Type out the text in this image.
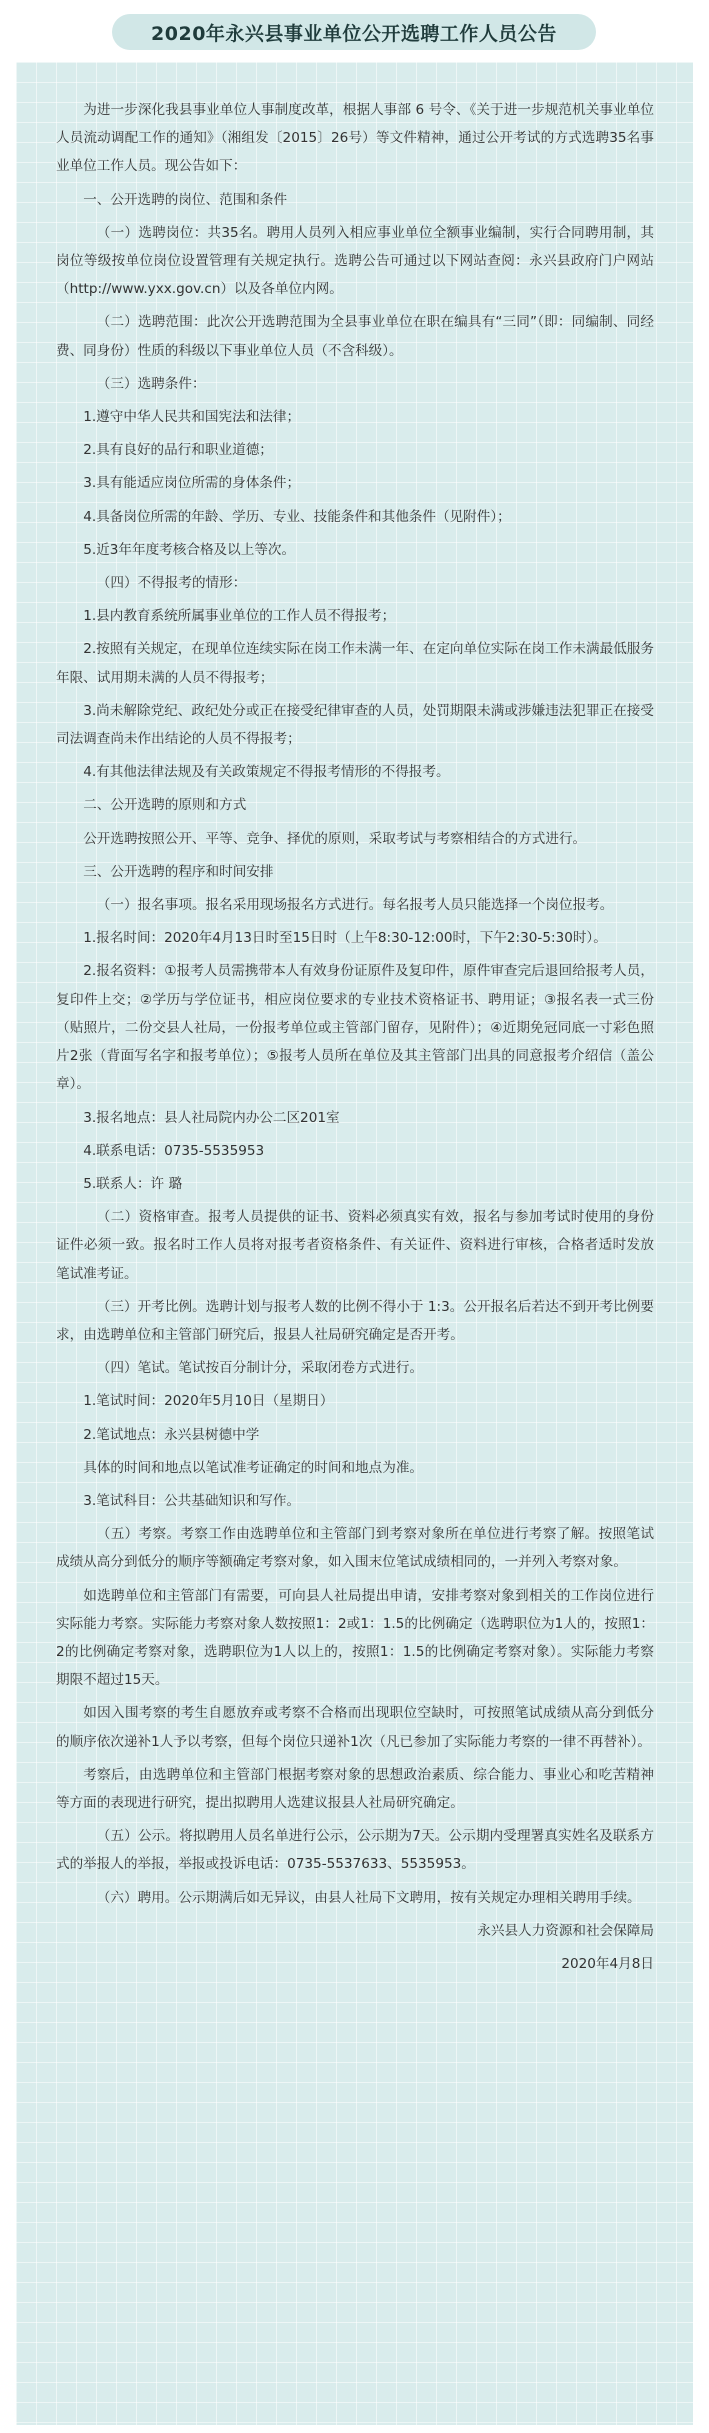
2020年永兴县事业单位公开选聘工作人员公告

为进一步深化我县事业单位人事制度改革，根据人事部 6 号令、《关于进一步规范机关事业单位人员流动调配工作的通知》（湘组发〔2015〕26号）等文件精神，通过公开考试的方式选聘35名事业单位工作人员。现公告如下：

一、公开选聘的岗位、范围和条件

（一）选聘岗位：共35名。聘用人员列入相应事业单位全额事业编制，实行合同聘用制，其岗位等级按单位岗位设置管理有关规定执行。选聘公告可通过以下网站查阅：永兴县政府门户网站（http://www.yxx.gov.cn）以及各单位内网。

（二）选聘范围：此次公开选聘范围为全县事业单位在职在编具有“三同”（即：同编制、同经费、同身份）性质的科级以下事业单位人员（不含科级）。

（三）选聘条件：

1.遵守中华人民共和国宪法和法律；

2.具有良好的品行和职业道德；

3.具有能适应岗位所需的身体条件；

4.具备岗位所需的年龄、学历、专业、技能条件和其他条件（见附件）；

5.近3年年度考核合格及以上等次。

（四）不得报考的情形：

1.县内教育系统所属事业单位的工作人员不得报考；

2.按照有关规定，在现单位连续实际在岗工作未满一年、在定向单位实际在岗工作未满最低服务年限、试用期未满的人员不得报考；

3.尚未解除党纪、政纪处分或正在接受纪律审查的人员，处罚期限未满或涉嫌违法犯罪正在接受司法调查尚未作出结论的人员不得报考；

4.有其他法律法规及有关政策规定不得报考情形的不得报考。

二、公开选聘的原则和方式

公开选聘按照公开、平等、竞争、择优的原则，采取考试与考察相结合的方式进行。

三、公开选聘的程序和时间安排

（一）报名事项。报名采用现场报名方式进行。每名报考人员只能选择一个岗位报考。

1.报名时间：2020年4月13日时至15日时（上午8:30-12:00时，下午2:30-5:30时）。

2.报名资料：①报考人员需携带本人有效身份证原件及复印件，原件审查完后退回给报考人员，复印件上交；②学历与学位证书，相应岗位要求的专业技术资格证书、聘用证；③报名表一式三份（贴照片，二份交县人社局，一份报考单位或主管部门留存，见附件）；④近期免冠同底一寸彩色照片2张（背面写名字和报考单位）；⑤报考人员所在单位及其主管部门出具的同意报考介绍信（盖公章）。

3.报名地点：县人社局院内办公二区201室

4.联系电话：0735-5535953

5.联系人：许 璐

（二）资格审查。报考人员提供的证书、资料必须真实有效，报名与参加考试时使用的身份证件必须一致。报名时工作人员将对报考者资格条件、有关证件、资料进行审核，合格者适时发放笔试准考证。

（三）开考比例。选聘计划与报考人数的比例不得小于 1:3。公开报名后若达不到开考比例要求，由选聘单位和主管部门研究后，报县人社局研究确定是否开考。

（四）笔试。笔试按百分制计分，采取闭卷方式进行。

1.笔试时间：2020年5月10日（星期日）

2.笔试地点：永兴县树德中学

具体的时间和地点以笔试准考证确定的时间和地点为准。

3.笔试科目：公共基础知识和写作。

（五）考察。考察工作由选聘单位和主管部门到考察对象所在单位进行考察了解。按照笔试成绩从高分到低分的顺序等额确定考察对象，如入围末位笔试成绩相同的，一并列入考察对象。

如选聘单位和主管部门有需要，可向县人社局提出申请，安排考察对象到相关的工作岗位进行实际能力考察。实际能力考察对象人数按照1：2或1：1.5的比例确定（选聘职位为1人的，按照1：2的比例确定考察对象，选聘职位为1人以上的，按照1：1.5的比例确定考察对象）。实际能力考察期限不超过15天。

如因入围考察的考生自愿放弃或考察不合格而出现职位空缺时，可按照笔试成绩从高分到低分的顺序依次递补1人予以考察，但每个岗位只递补1次（凡已参加了实际能力考察的一律不再替补）。

考察后，由选聘单位和主管部门根据考察对象的思想政治素质、综合能力、事业心和吃苦精神等方面的表现进行研究，提出拟聘用人选建议报县人社局研究确定。

（五）公示。将拟聘用人员名单进行公示，公示期为7天。公示期内受理署真实姓名及联系方式的举报人的举报，举报或投诉电话：0735-5537633、5535953。

（六）聘用。公示期满后如无异议，由县人社局下文聘用，按有关规定办理相关聘用手续。

永兴县人力资源和社会保障局

2020年4月8日
